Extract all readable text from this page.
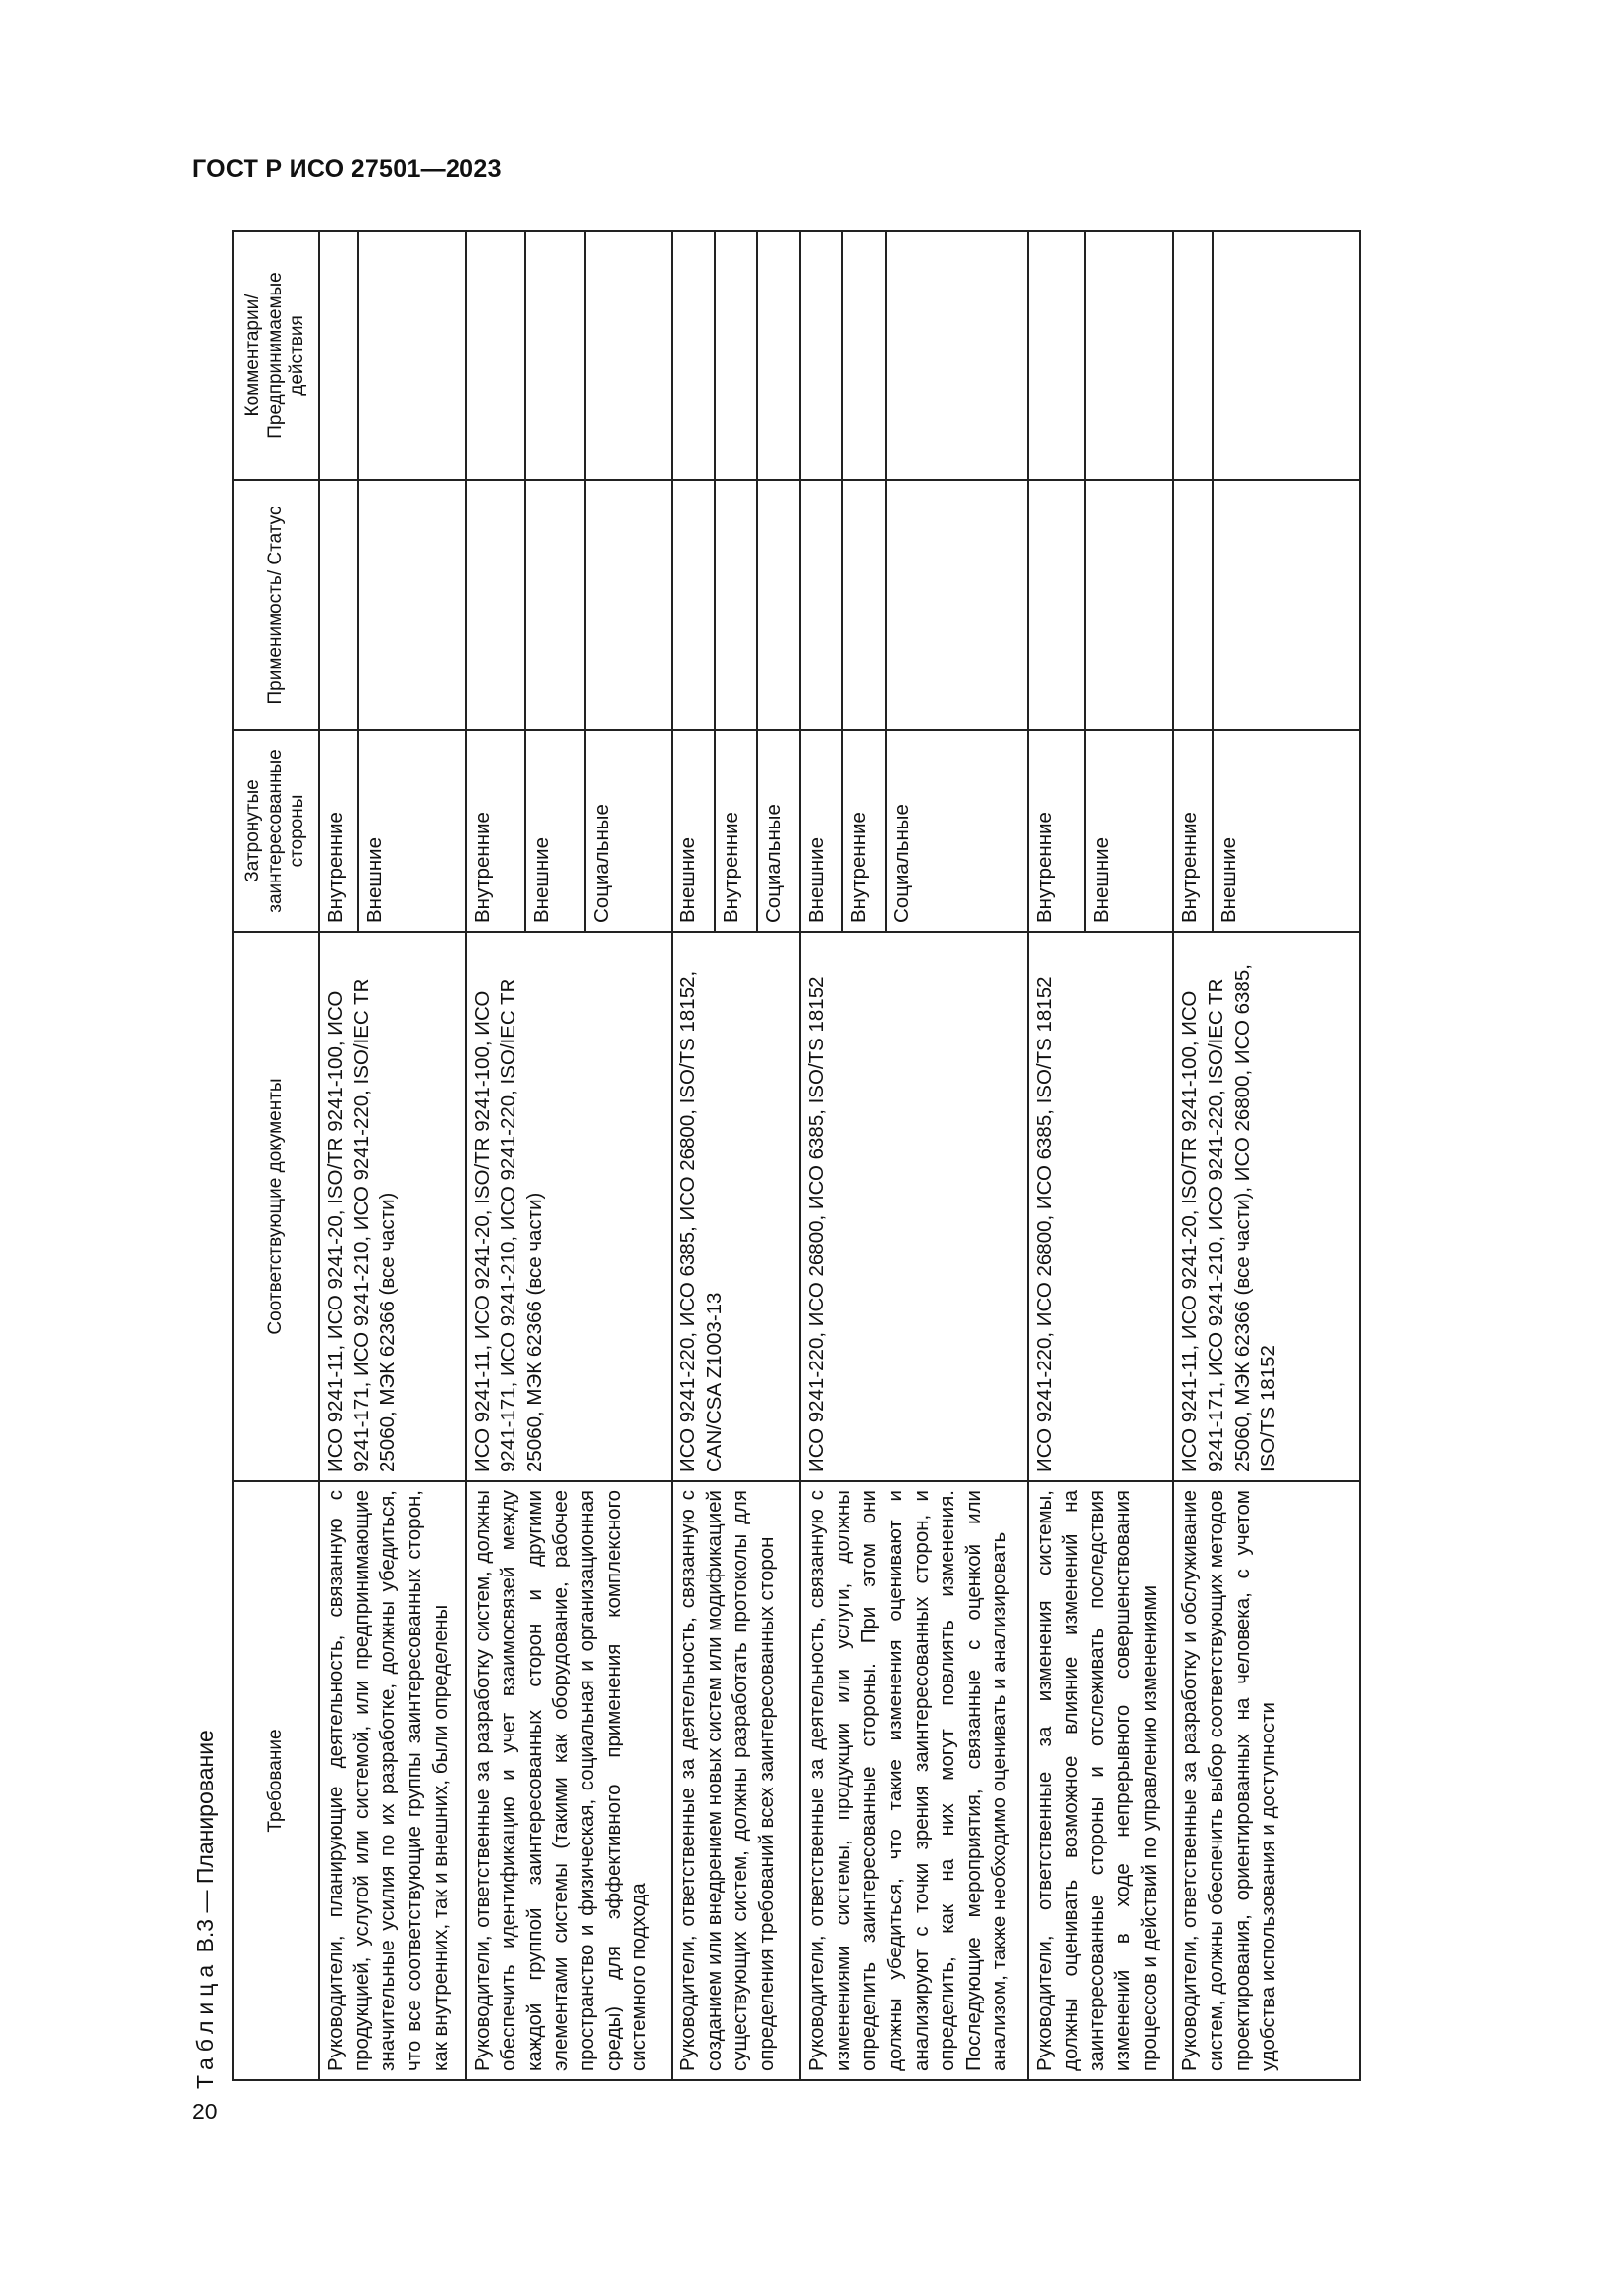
ГОСТ Р ИСО 27501—2023
Таблица В.3 — Планирование
20
Требование	Соответствующие документы	Затронутые заинтересованные стороны	Применимость/ Статус	Комментарии/ Предпринимаемые действия
Руководители, планирующие деятельность, связанную с продукцией, услугой или системой, или предпринимающие значительные усилия по их разработке, должны убедиться, что все соответствующие группы заинтересованных сторон, как внутренних, так и внешних, были определены	ИСО 9241-11, ИСО 9241-20, ISO/TR 9241-100, ИСО 9241-171, ИСО 9241-210, ИСО 9241-220, ISO/IEC TR 25060, МЭК 62366 (все части)	Внутренние		
		Внешние		
Руководители, ответственные за разработку систем, должны обеспечить идентификацию и учет взаимосвязей между каждой группой заинтересованных сторон и другими элементами системы (такими как оборудование, рабочее пространство и физическая, социальная и организационная среды) для эффективного применения комплексного системного подхода	ИСО 9241-11, ИСО 9241-20, ISO/TR 9241-100, ИСО 9241-171, ИСО 9241-210, ИСО 9241-220, ISO/IEC TR 25060, МЭК 62366 (все части)	Внутренние		
		Внешние		
		Социальные		
Руководители, ответственные за деятельность, связанную с созданием или внедрением новых систем или модификацией существующих систем, должны разработать протоколы для определения требований всех заинтересованных сторон	ИСО 9241-220, ИСО 6385, ИСО 26800, ISO/TS 18152, CAN/CSA Z1003-13	Внешние		
		Внутренние		
		Социальные		
Руководители, ответственные за деятельность, связанную с изменениями системы, продукции или услуги, должны определить заинтересованные стороны. При этом они должны убедиться, что такие изменения оценивают и анализируют с точки зрения заинтересованных сторон, и определить, как на них могут повлиять изменения. Последующие мероприятия, связанные с оценкой или анализом, также необходимо оценивать и анализировать	ИСО 9241-220, ИСО 26800, ИСО 6385, ISO/TS 18152	Внешние		
		Внутренние		
		Социальные		
Руководители, ответственные за изменения системы, должны оценивать возможное влияние изменений на заинтересованные стороны и отслеживать последствия изменений в ходе непрерывного совершенствования процессов и действий по управлению изменениями	ИСО 9241-220, ИСО 26800, ИСО 6385, ISO/TS 18152	Внутренние		
		Внешние		
Руководители, ответственные за разработку и обслуживание систем, должны обеспечить выбор соответствующих методов проектирования, ориентированных на человека, с учетом удобства использования и доступности	ИСО 9241-11, ИСО 9241-20, ISO/TR 9241-100, ИСО 9241-171, ИСО 9241-210, ИСО 9241-220, ISO/IEC TR 25060, МЭК 62366 (все части), ИСО 26800, ИСО 6385, ISO/TS 18152	Внутренние		
		Внешние		
